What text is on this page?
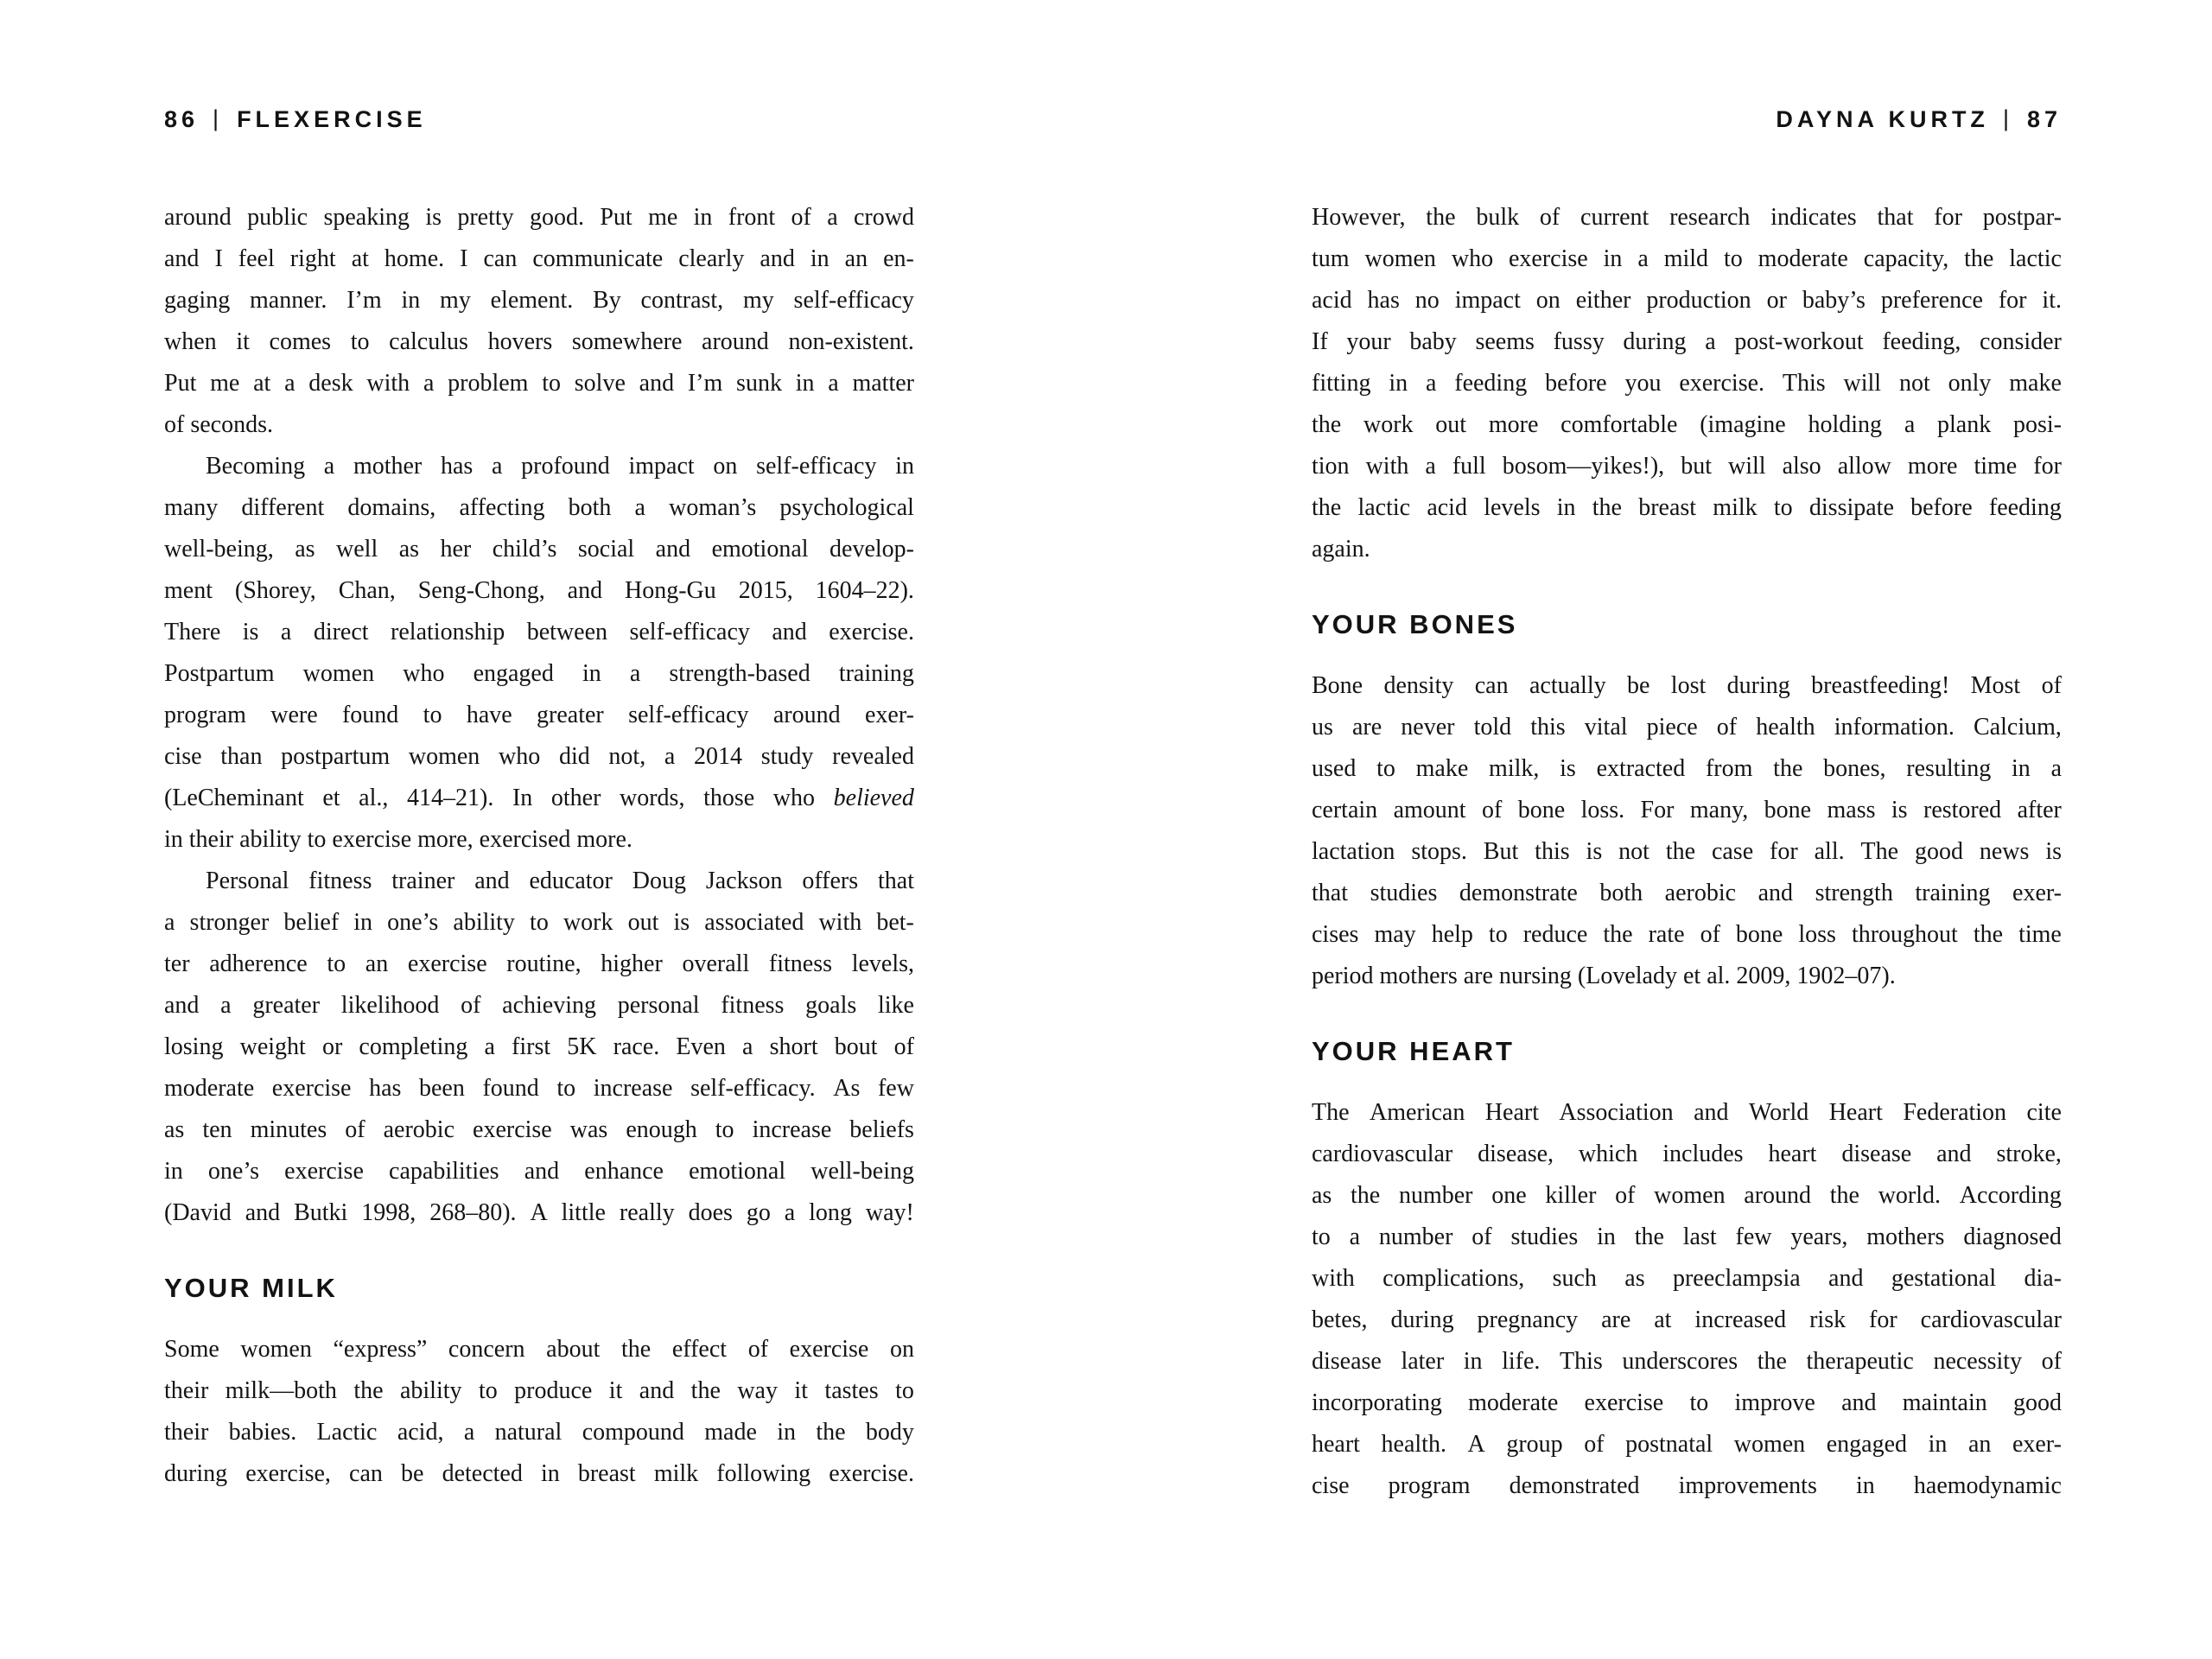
86 | FLEXERCISE
around public speaking is pretty good. Put me in front of a crowd
and I feel right at home. I can communicate clearly and in an en-
gaging manner. I’m in my element. By contrast, my self-efficacy
when it comes to calculus hovers somewhere around non-existent.
Put me at a desk with a problem to solve and I’m sunk in a matter
of seconds.
Becoming a mother has a profound impact on self-efficacy in
many different domains, affecting both a woman’s psychological
well-being, as well as her child’s social and emotional develop-
ment (Shorey, Chan, Seng-Chong, and Hong-Gu 2015, 1604–22).
There is a direct relationship between self-efficacy and exercise.
Postpartum women who engaged in a strength-based training
program were found to have greater self-efficacy around exer-
cise than postpartum women who did not, a 2014 study revealed
(LeCheminant et al., 414–21). In other words, those who believed
in their ability to exercise more, exercised more.
Personal fitness trainer and educator Doug Jackson offers that
a stronger belief in one’s ability to work out is associated with bet-
ter adherence to an exercise routine, higher overall fitness levels,
and a greater likelihood of achieving personal fitness goals like
losing weight or completing a first 5K race. Even a short bout of
moderate exercise has been found to increase self-efficacy. As few
as ten minutes of aerobic exercise was enough to increase beliefs
in one’s exercise capabilities and enhance emotional well-being
(David and Butki 1998, 268–80). A little really does go a long way!
YOUR MILK
Some women “express” concern about the effect of exercise on
their milk—both the ability to produce it and the way it tastes to
their babies. Lactic acid, a natural compound made in the body
during exercise, can be detected in breast milk following exercise.
DAYNA KURTZ | 87
However, the bulk of current research indicates that for postpar-
tum women who exercise in a mild to moderate capacity, the lactic
acid has no impact on either production or baby’s preference for it.
If your baby seems fussy during a post-workout feeding, consider
fitting in a feeding before you exercise. This will not only make
the work out more comfortable (imagine holding a plank posi-
tion with a full bosom—yikes!), but will also allow more time for
the lactic acid levels in the breast milk to dissipate before feeding
again.
YOUR BONES
Bone density can actually be lost during breastfeeding! Most of
us are never told this vital piece of health information. Calcium,
used to make milk, is extracted from the bones, resulting in a
certain amount of bone loss. For many, bone mass is restored after
lactation stops. But this is not the case for all. The good news is
that studies demonstrate both aerobic and strength training exer-
cises may help to reduce the rate of bone loss throughout the time
period mothers are nursing (Lovelady et al. 2009, 1902–07).
YOUR HEART
The American Heart Association and World Heart Federation cite
cardiovascular disease, which includes heart disease and stroke,
as the number one killer of women around the world. According
to a number of studies in the last few years, mothers diagnosed
with complications, such as preeclampsia and gestational dia-
betes, during pregnancy are at increased risk for cardiovascular
disease later in life. This underscores the therapeutic necessity of
incorporating moderate exercise to improve and maintain good
heart health. A group of postnatal women engaged in an exer-
cise program demonstrated improvements in haemodynamic
